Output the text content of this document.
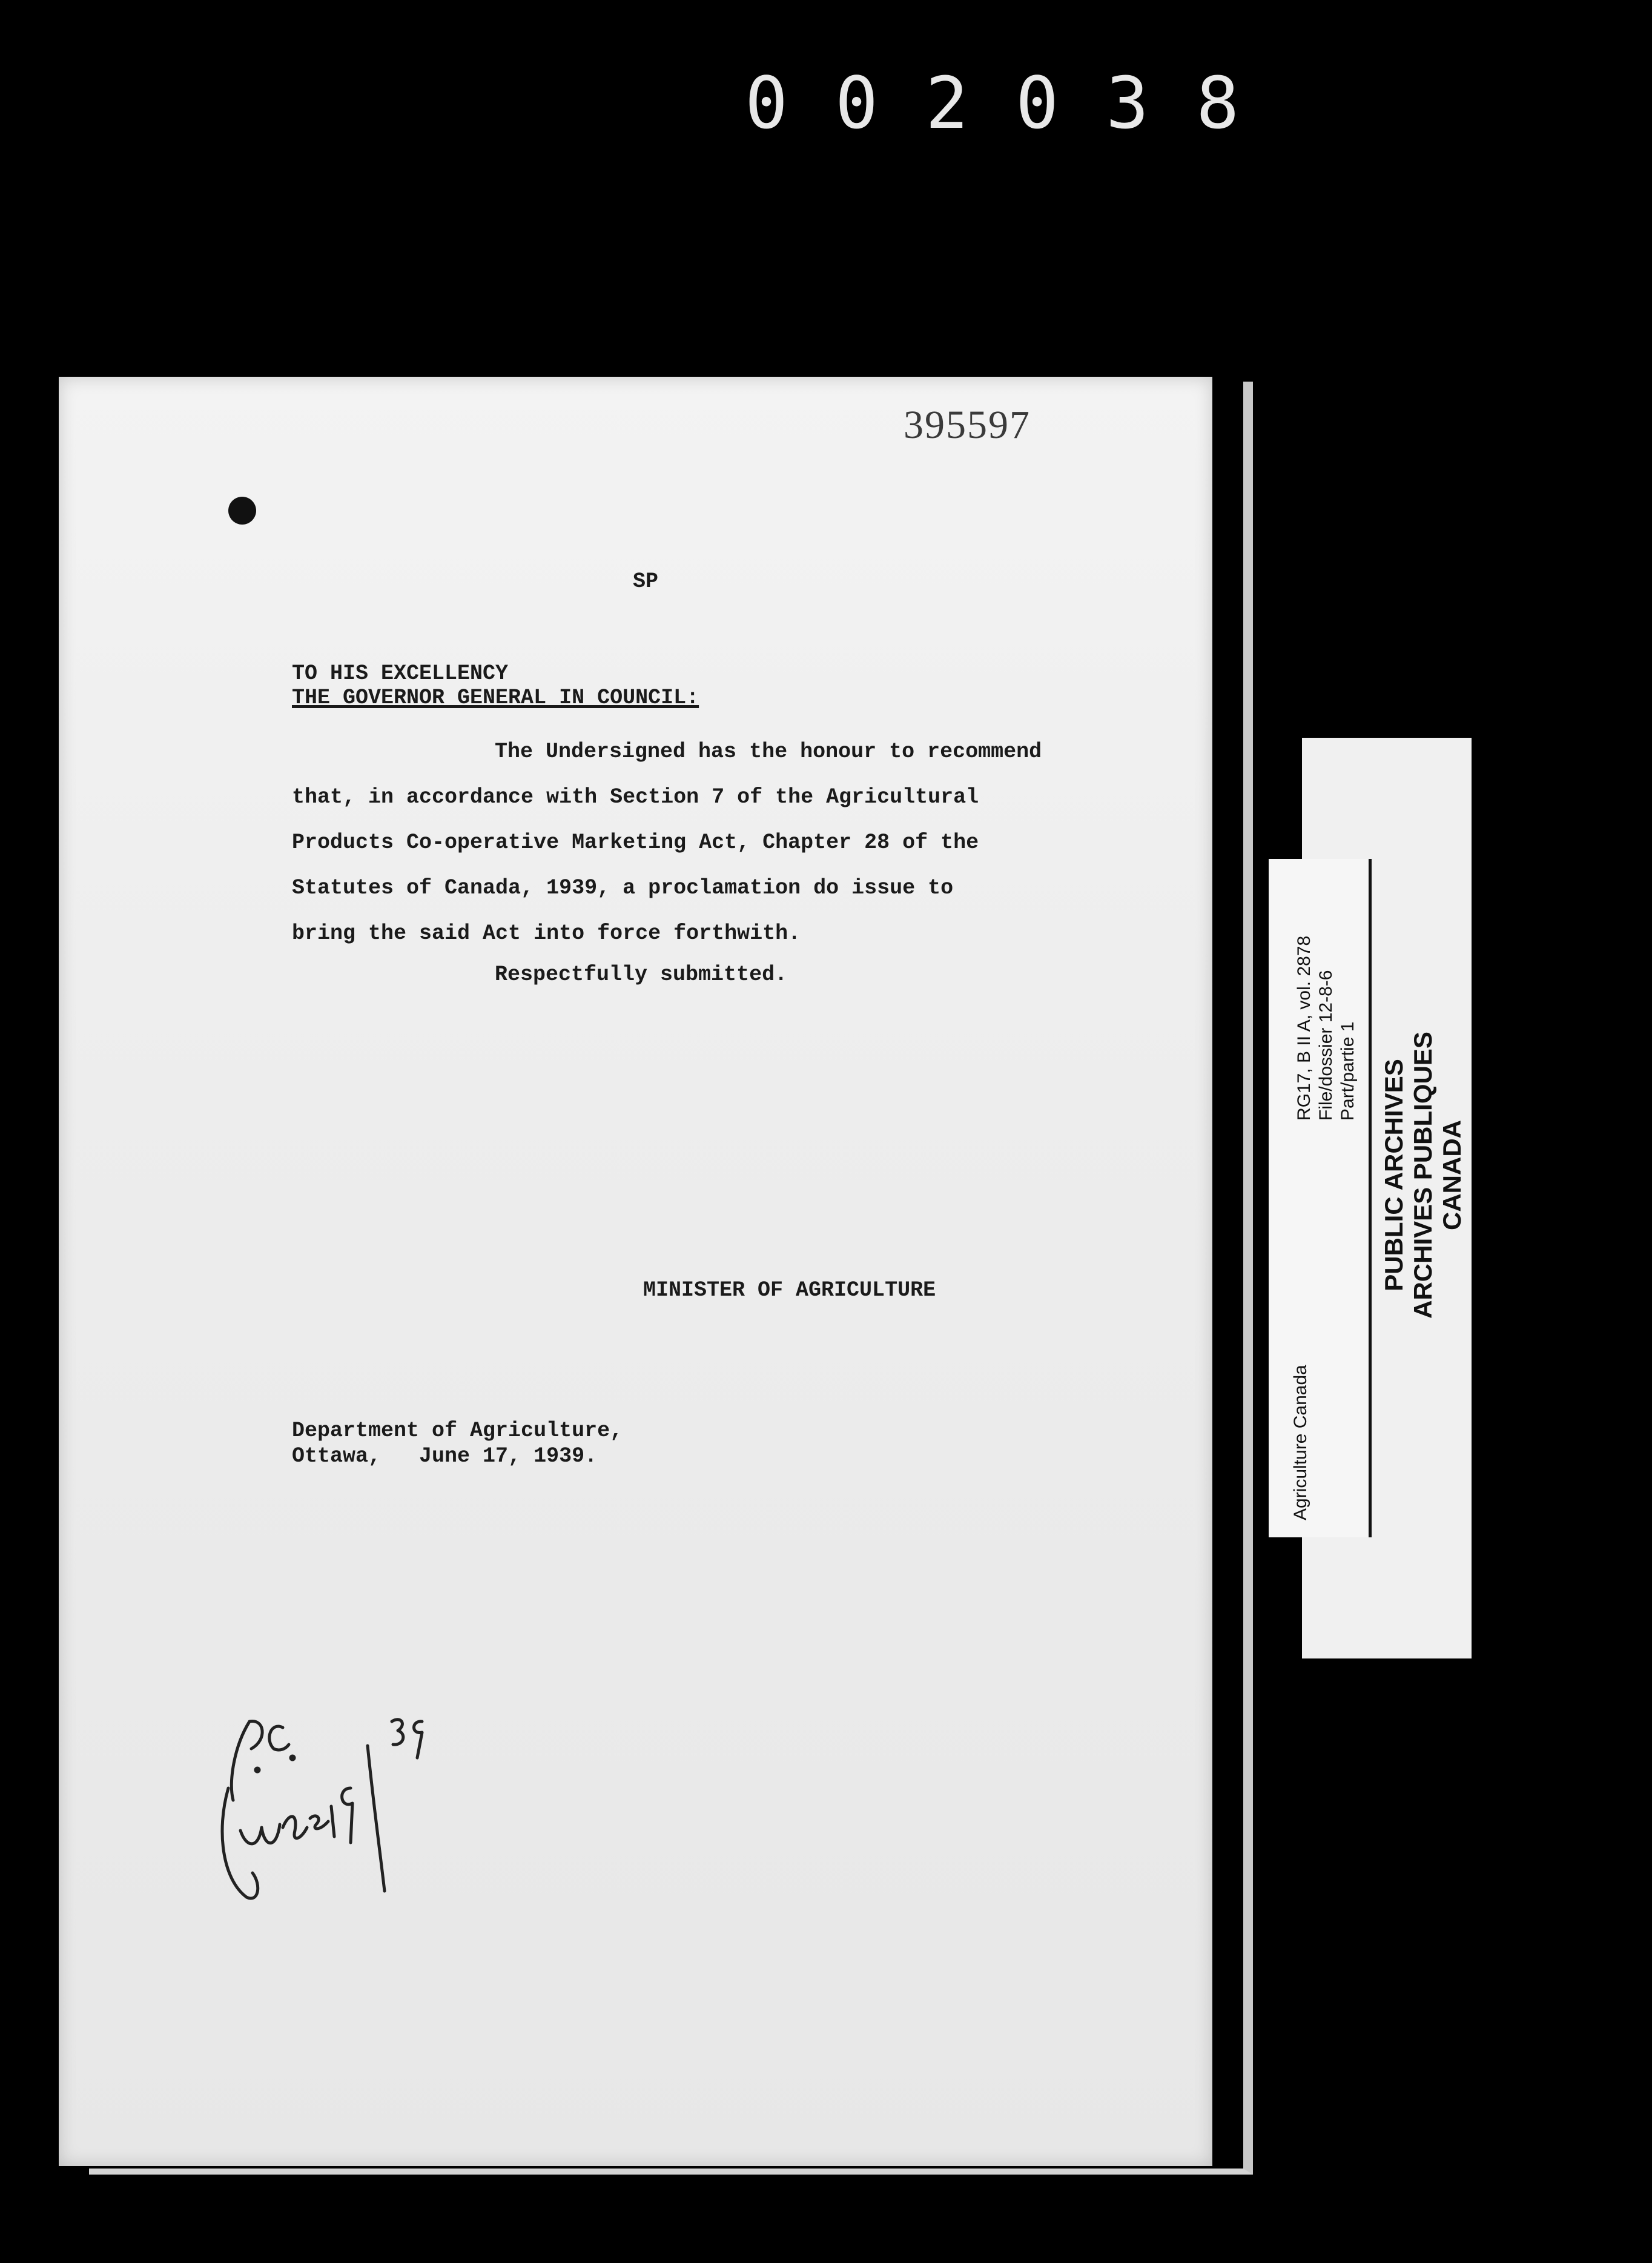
002038
395597
SP
TO HIS EXCELLENCY
THE GOVERNOR GENERAL IN COUNCIL:
The Undersigned has the honour to recommend
that, in accordance with Section 7 of the Agricultural
Products Co-operative Marketing Act, Chapter 28 of the
Statutes of Canada, 1939, a proclamation do issue to
bring the said Act into force forthwith.
Respectfully submitted.
MINISTER OF AGRICULTURE
Department of Agriculture,
Ottawa,   June 17, 1939.	Agriculture Canada
RG17, B II A, vol. 2878 File/dossier 12-8-6 Part/partie 1 PUBLIC ARCHIVES ARCHIVES PUBLIQUES CANADA
